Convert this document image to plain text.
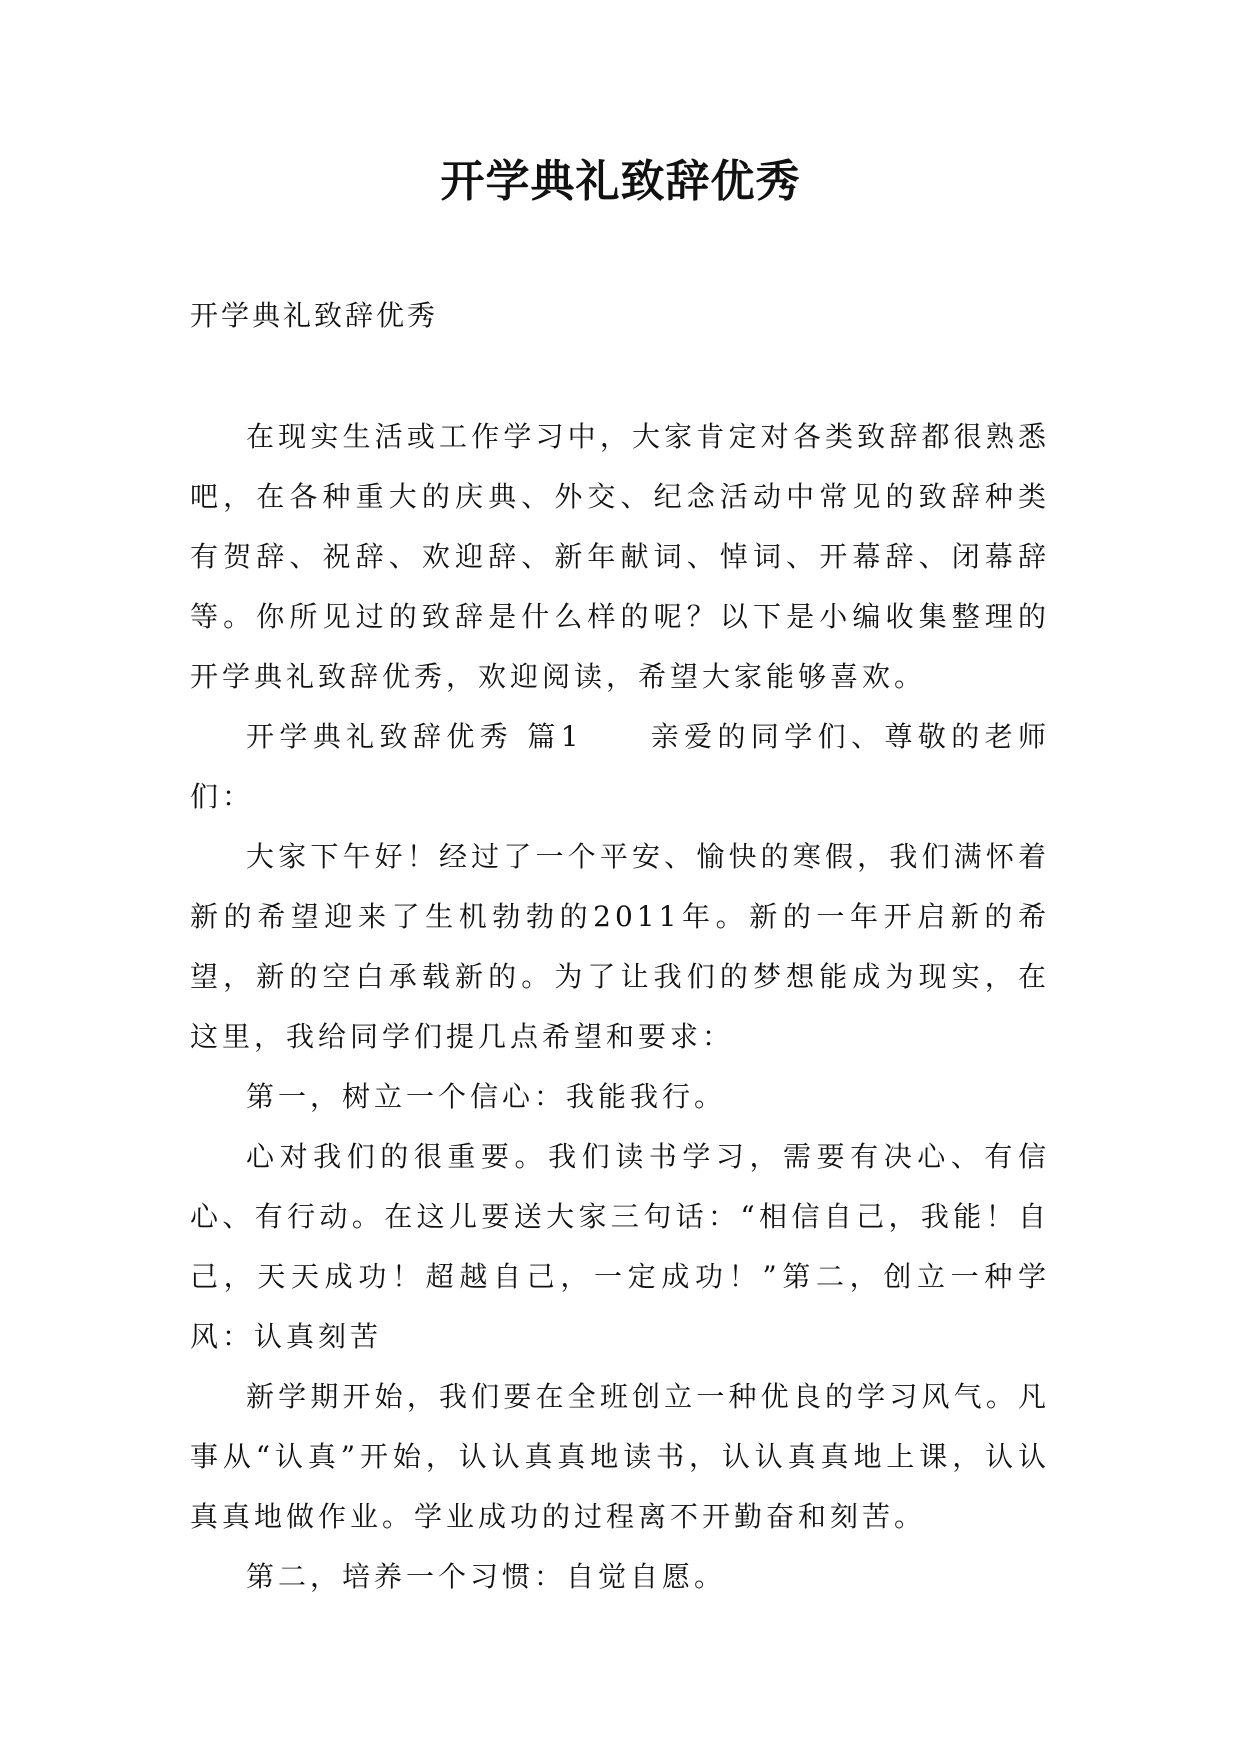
开学典礼致辞优秀
开学典礼致辞优秀

在现实生活或工作学习中，大家肯定对各类致辞都很熟悉吧，在各种重大的庆典、外交、纪念活动中常见的致辞种类有贺辞、祝辞、欢迎辞、新年献词、悼词、开幕辞、闭幕辞等。你所见过的致辞是什么样的呢？以下是小编收集整理的开学典礼致辞优秀，欢迎阅读，希望大家能够喜欢。

开学典礼致辞优秀 篇1　　亲爱的同学们、尊敬的老师们：

大家下午好！经过了一个平安、愉快的寒假，我们满怀着新的希望迎来了生机勃勃的2011年。新的一年开启新的希望，新的空白承载新的。为了让我们的梦想能成为现实，在这里，我给同学们提几点希望和要求：

第一，树立一个信心：我能我行。

心对我们的很重要。我们读书学习，需要有决心、有信心、有行动。在这儿要送大家三句话：“相信自己，我能！自己，天天成功！超越自己，一定成功！”第二，创立一种学风：认真刻苦

新学期开始，我们要在全班创立一种优良的学习风气。凡事从“认真”开始，认认真真地读书，认认真真地上课，认认真真地做作业。学业成功的过程离不开勤奋和刻苦。

第二，培养一个习惯：自觉自愿。
